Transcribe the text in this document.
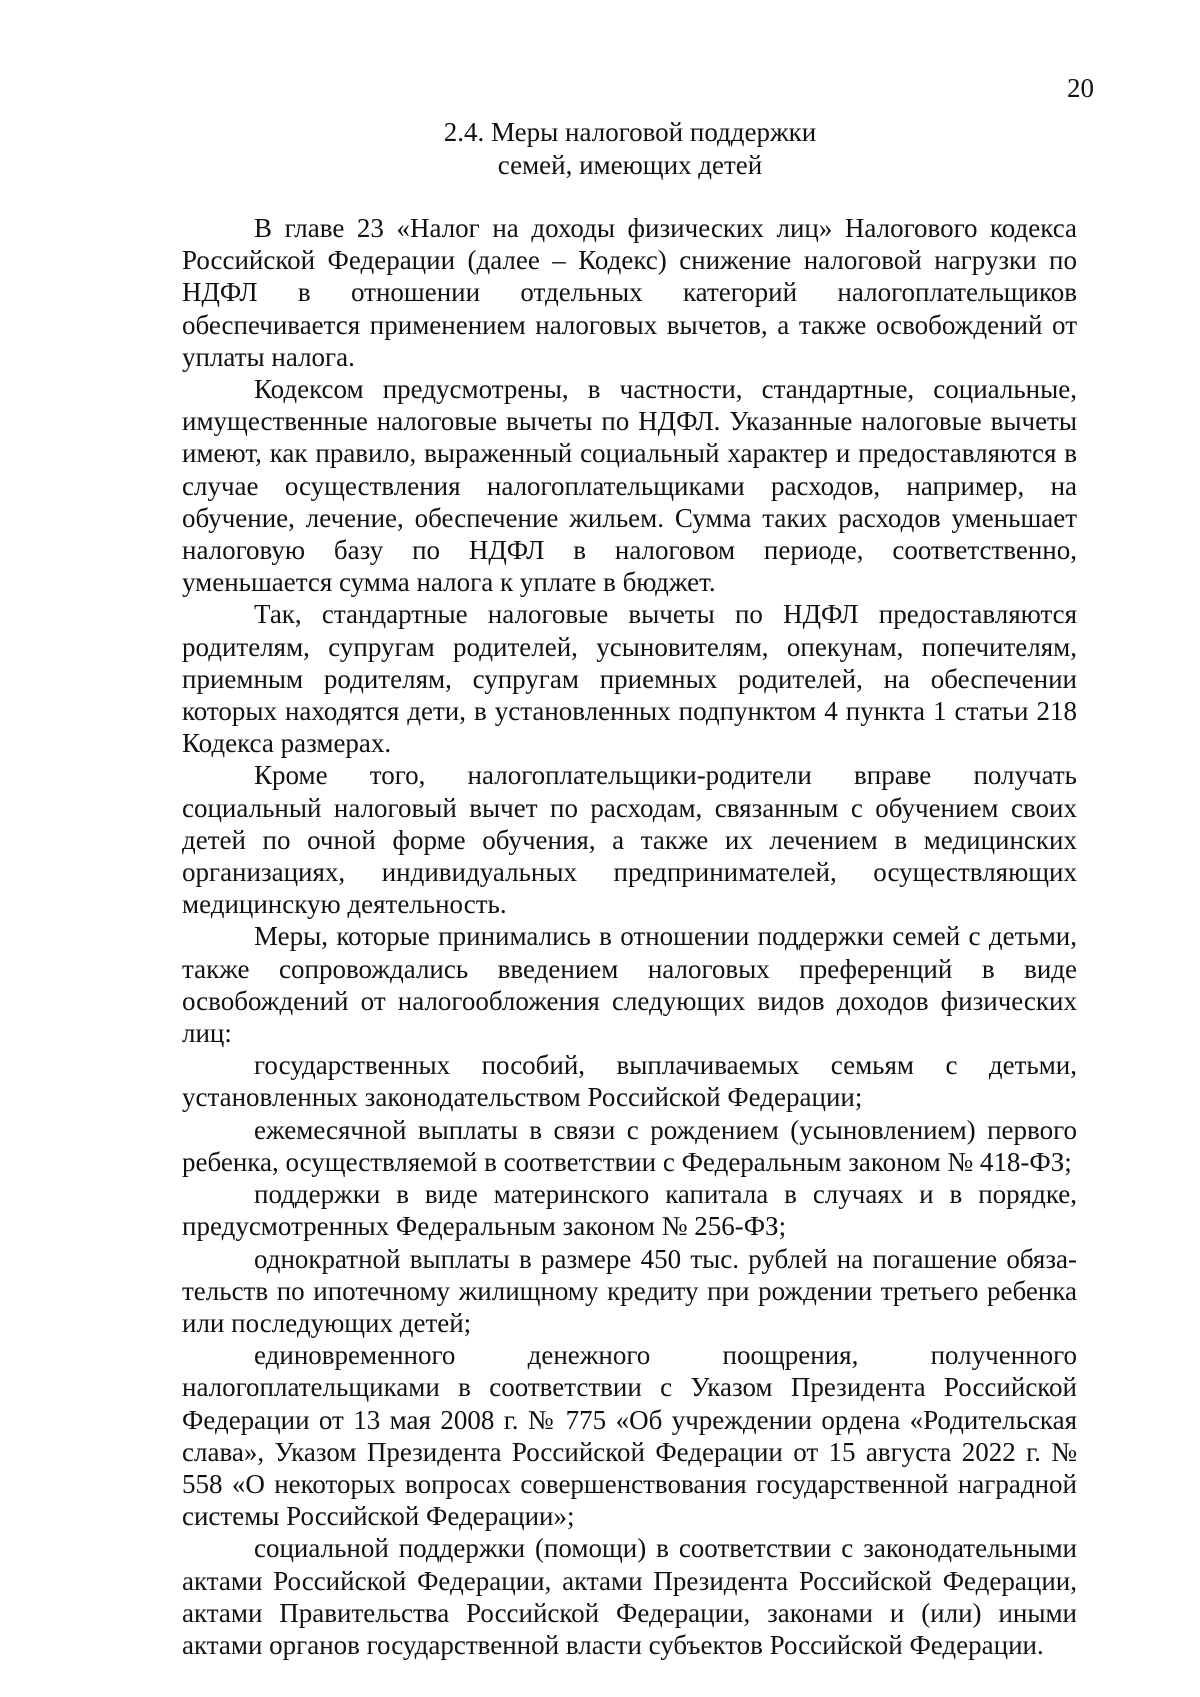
20
2.4. Меры налоговой поддержки
семей, имеющих детей

В главе 23 «Налог на доходы физических лиц» Налогового кодекса Российской Федерации (далее – Кодекс) снижение налоговой нагрузки по НДФЛ в отношении отдельных категорий налогоплательщиков обеспечивается применением налоговых вычетов, а также освобождений от уплаты налога.

Кодексом предусмотрены, в частности, стандартные, социальные, имущественные налоговые вычеты по НДФЛ. Указанные налоговые вычеты имеют, как правило, выраженный социальный характер и предоставляются в случае осуществления налогоплательщиками расходов, например, на обучение, лечение, обеспечение жильем. Сумма таких расходов уменьшает налоговую базу по НДФЛ в налоговом периоде, соответственно, уменьшается сумма налога к уплате в бюджет.

Так, стандартные налоговые вычеты по НДФЛ предоставляются родителям, супругам родителей, усыновителям, опекунам, попечителям, приемным родителям, супругам приемных родителей, на обеспечении которых находятся дети, в установленных подпунктом 4 пункта 1 статьи 218 Кодекса размерах.

Кроме того, налогоплательщики-родители вправе получать социальный налоговый вычет по расходам, связанным с обучением своих детей по очной форме обучения, а также их лечением в медицинских организациях, индивидуальных предпринимателей, осуществляющих медицинскую деятельность.

Меры, которые принимались в отношении поддержки семей с детьми, также сопровождались введением налоговых преференций в виде освобождений от налогообложения следующих видов доходов физических лиц:

государственных пособий, выплачиваемых семьям с детьми, установленных законодательством Российской Федерации;

ежемесячной выплаты в связи с рождением (усыновлением) первого ребенка, осуществляемой в соответствии с Федеральным законом № 418-ФЗ;

поддержки в виде материнского капитала в случаях и в порядке, предусмотренных Федеральным законом № 256-ФЗ;

однократной выплаты в размере 450 тыс. рублей на погашение обязательств по ипотечному жилищному кредиту при рождении третьего ребенка или последующих детей;

единовременного денежного поощрения, полученного налогоплательщиками в соответствии с Указом Президента Российской Федерации от 13 мая 2008 г. № 775 «Об учреждении ордена «Родительская слава», Указом Президента Российской Федерации от 15 августа 2022 г. № 558 «О некоторых вопросах совершенствования государственной наградной системы Российской Федерации»;

социальной поддержки (помощи) в соответствии с законодательными актами Российской Федерации, актами Президента Российской Федерации, актами Правительства Российской Федерации, законами и (или) иными актами органов государственной власти субъектов Российской Федерации.
